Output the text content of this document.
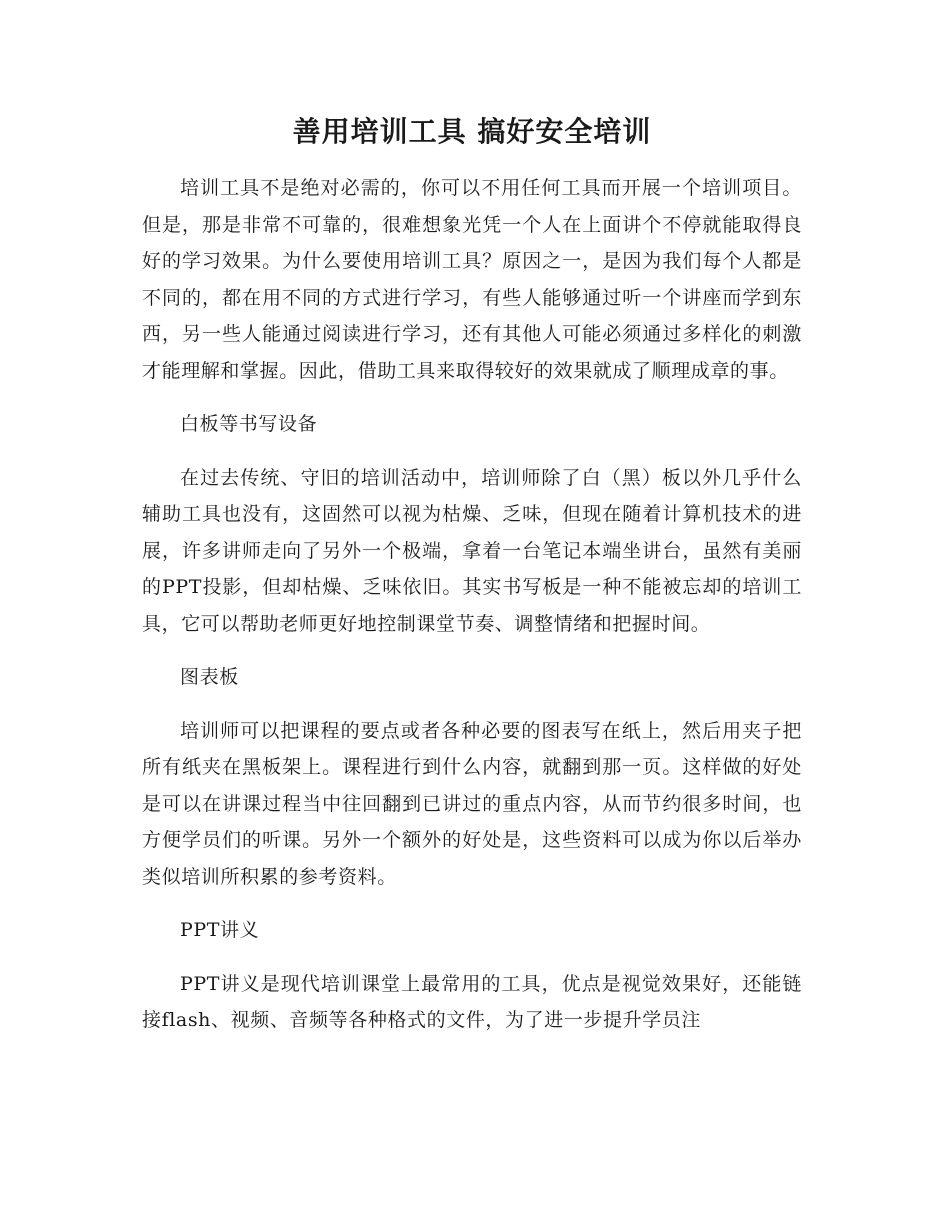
善用培训工具 搞好安全培训

培训工具不是绝对必需的，你可以不用任何工具而开展一个培训项目。但是，那是非常不可靠的，很难想象光凭一个人在上面讲个不停就能取得良好的学习效果。为什么要使用培训工具？原因之一，是因为我们每个人都是不同的，都在用不同的方式进行学习，有些人能够通过听一个讲座而学到东西，另一些人能通过阅读进行学习，还有其他人可能必须通过多样化的刺激才能理解和掌握。因此，借助工具来取得较好的效果就成了顺理成章的事。

白板等书写设备

在过去传统、守旧的培训活动中，培训师除了白（黑）板以外几乎什么辅助工具也没有，这固然可以视为枯燥、乏味，但现在随着计算机技术的进展，许多讲师走向了另外一个极端，拿着一台笔记本端坐讲台，虽然有美丽的PPT投影，但却枯燥、乏味依旧。其实书写板是一种不能被忘却的培训工具，它可以帮助老师更好地控制课堂节奏、调整情绪和把握时间。

图表板

培训师可以把课程的要点或者各种必要的图表写在纸上，然后用夹子把所有纸夹在黑板架上。课程进行到什么内容，就翻到那一页。这样做的好处是可以在讲课过程当中往回翻到已讲过的重点内容，从而节约很多时间，也方便学员们的听课。另外一个额外的好处是，这些资料可以成为你以后举办类似培训所积累的参考资料。

PPT讲义

PPT讲义是现代培训课堂上最常用的工具，优点是视觉效果好，还能链接flash、视频、音频等各种格式的文件，为了进一步提升学员注
